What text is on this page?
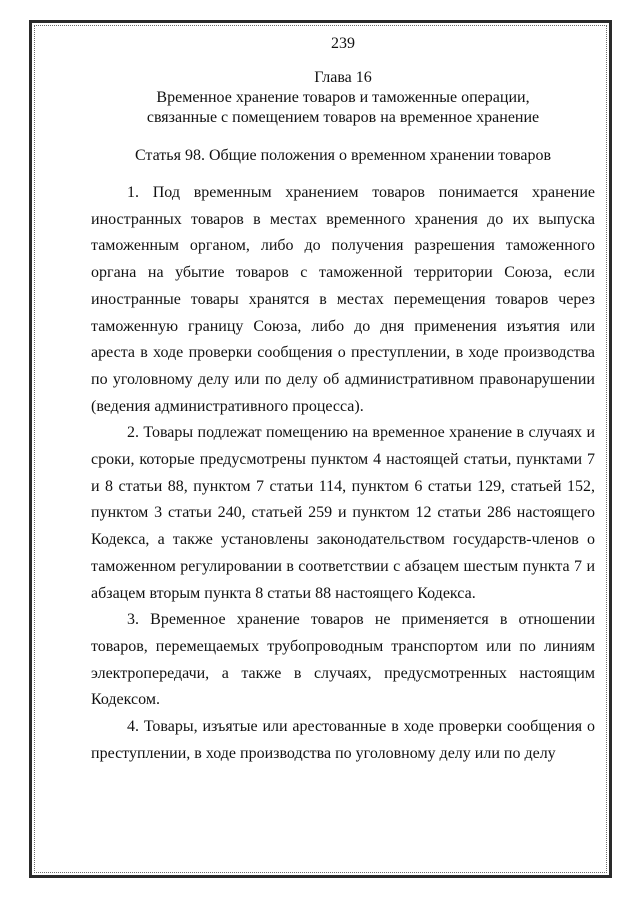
239

Глава 16
Временное хранение товаров и таможенные операции,
связанные с помещением товаров на временное хранение

Статья 98. Общие положения о временном хранении товаров

1. Под временным хранением товаров понимается хранение иностранных товаров в местах временного хранения до их выпуска таможенным органом, либо до получения разрешения таможенного органа на убытие товаров с таможенной территории Союза, если иностранные товары хранятся в местах перемещения товаров через таможенную границу Союза, либо до дня применения изъятия или ареста в ходе проверки сообщения о преступлении, в ходе производства по уголовному делу или по делу об административном правонарушении (ведения административного процесса).

2. Товары подлежат помещению на временное хранение в случаях и сроки, которые предусмотрены пунктом 4 настоящей статьи, пунктами 7 и 8 статьи 88, пунктом 7 статьи 114, пунктом 6 статьи 129, статьей 152, пунктом 3 статьи 240, статьей 259 и пунктом 12 статьи 286 настоящего Кодекса, а также установлены законодательством государств-членов о таможенном регулировании в соответствии с абзацем шестым пункта 7 и абзацем вторым пункта 8 статьи 88 настоящего Кодекса.

3. Временное хранение товаров не применяется в отношении товаров, перемещаемых трубопроводным транспортом или по линиям электропередачи, а также в случаях, предусмотренных настоящим Кодексом.

4. Товары, изъятые или арестованные в ходе проверки сообщения о преступлении, в ходе производства по уголовному делу или по делу
